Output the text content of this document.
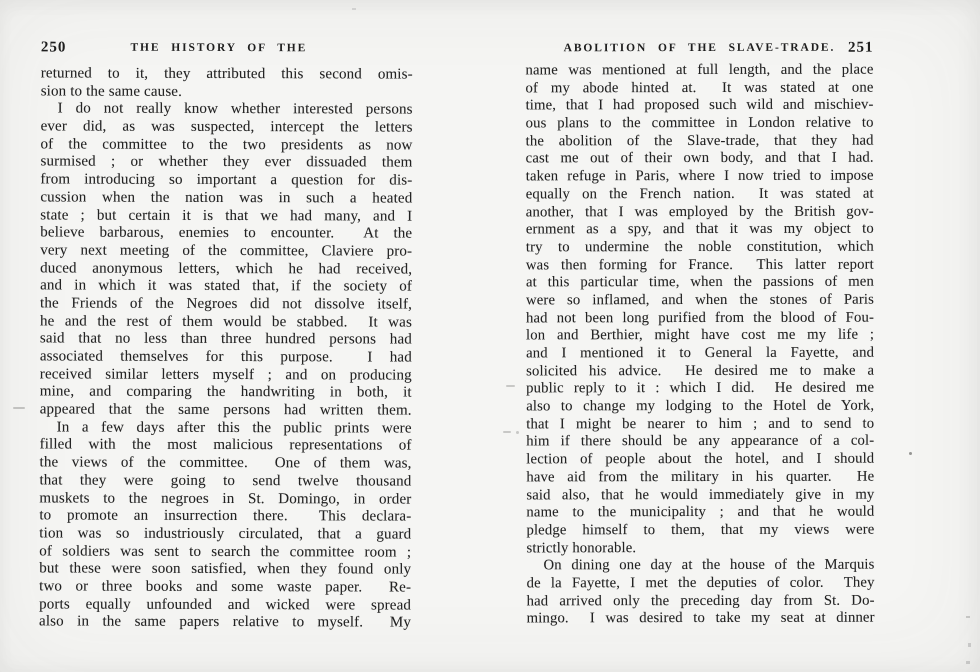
250	THE HISTORY OF THE
returned to it, they attributed this second omis-
sion to the same cause.
I do not really know whether interested persons
ever did, as was suspected, intercept the letters
of the committee to the two presidents as now
surmised ; or whether they ever dissuaded them
from introducing so important a question for dis-
cussion when the nation was in such a heated
state ; but certain it is that we had many, and I
believe barbarous, enemies to encounter.  At the
very next meeting of the committee, Claviere pro-
duced anonymous letters, which he had received,
and in which it was stated that, if the society of
the Friends of the Negroes did not dissolve itself,
he and the rest of them would be stabbed.  It was
said that no less than three hundred persons had
associated themselves for this purpose.  I had
received similar letters myself ; and on producing
mine, and comparing the handwriting in both, it
appeared that the same persons had written them.
In a few days after this the public prints were
filled with the most malicious representations of
the views of the committee.  One of them was,
that they were going to send twelve thousand
muskets to the negroes in St. Domingo, in order
to promote an insurrection there.  This declara-
tion was so industriously circulated, that a guard
of soldiers was sent to search the committee room ;
but these were soon satisfied, when they found only
two or three books and some waste paper.  Re-
ports equally unfounded and wicked were spread
also in the same papers relative to myself.  My
ABOLITION OF THE SLAVE-TRADE. 251
name was mentioned at full length, and the place
of my abode hinted at.  It was stated at one
time, that I had proposed such wild and mischiev-
ous plans to the committee in London relative to
the abolition of the Slave-trade, that they had
cast me out of their own body, and that I had.
taken refuge in Paris, where I now tried to impose
equally on the French nation.  It was stated at
another, that I was employed by the British gov-
ernment as a spy, and that it was my object to
try to undermine the noble constitution, which
was then forming for France.  This latter report
at this particular time, when the passions of men
were so inflamed, and when the stones of Paris
had not been long purified from the blood of Fou-
lon and Berthier, might have cost me my life ;
and I mentioned it to General la Fayette, and
solicited his advice.  He desired me to make a
public reply to it : which I did.  He desired me
also to change my lodging to the Hotel de York,
that I might be nearer to him ; and to send to
him if there should be any appearance of a col-
lection of people about the hotel, and I should
have aid from the military in his quarter.  He
said also, that he would immediately give in my
name to the municipality ; and that he would
pledge himself to them, that my views were
strictly honorable.
On dining one day at the house of the Marquis
de la Fayette, I met the deputies of color.  They
had arrived only the preceding day from St. Do-
mingo.  I was desired to take my seat at dinner
